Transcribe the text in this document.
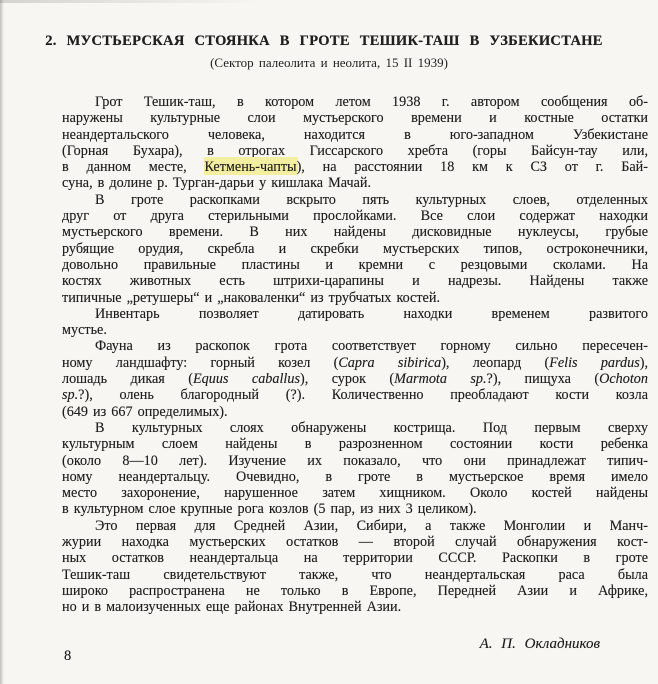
2. МУСТЬЕРСКАЯ СТОЯНКА В ГРОТЕ ТЕШИК-ТАШ В УЗБЕКИСТАНЕ
(Сектор палеолита и неолита, 15 II 1939)
Грот Тешик-таш, в котором летом 1938 г. автором сообщения об-
наружены культурные слои мустьерского времени и костные остатки
неандертальского человека, находится в юго-западном Узбекистане
(Горная Бухара), в отрогах Гиссарского хребта (горы Байсун-тау или,
в данном месте, Кетмень-чапты), на расстоянии 18 км к СЗ от г. Бай-
суна, в долине р. Турган-дарьи у кишлака Мачай.
В гроте раскопками вскрыто пять культурных слоев, отделенных
друг от друга стерильными прослойками. Все слои содержат находки
мустьерского времени. В них найдены дисковидные нуклеусы, грубые
рубящие орудия, скребла и скребки мустьерских типов, остроконечники,
довольно правильные пластины и кремни с резцовыми сколами. На
костях животных есть штрихи-царапины и надрезы. Найдены также
типичные „ретушеры“ и „наковаленки“ из трубчатых костей.
Инвентарь позволяет датировать находки временем развитого
мустье.
Фауна из раскопок грота соответствует горному сильно пересечен-
ному ландшафту: горный козел (Capra sibirica), леопард (Felis pardus),
лошадь дикая (Equus caballus), сурок (Marmota sp.?), пищуха (Ochoton
sp.?), олень благородный (?). Количественно преобладают кости козла
(649 из 667 определимых).
В культурных слоях обнаружены кострища. Под первым сверху
культурным слоем найдены в разрозненном состоянии кости ребенка
(около 8—10 лет). Изучение их показало, что они принадлежат типич-
ному неандертальцу. Очевидно, в гроте в мустьерское время имело
место захоронение, нарушенное затем хищником. Около костей найдены
в культурном слое крупные рога козлов (5 пар, из них 3 целиком).
Это первая для Средней Азии, Сибири, а также Монголии и Манч-
журии находка мустьерских остатков — второй случай обнаружения кост-
ных остатков неандертальца на территории СССР. Раскопки в гроте
Тешик-таш свидетельствуют также, что неандертальская раса была
широко распространена не только в Европе, Передней Азии и Африке,
но и в малоизученных еще районах Внутренней Азии.
А. П. Окладников
8
